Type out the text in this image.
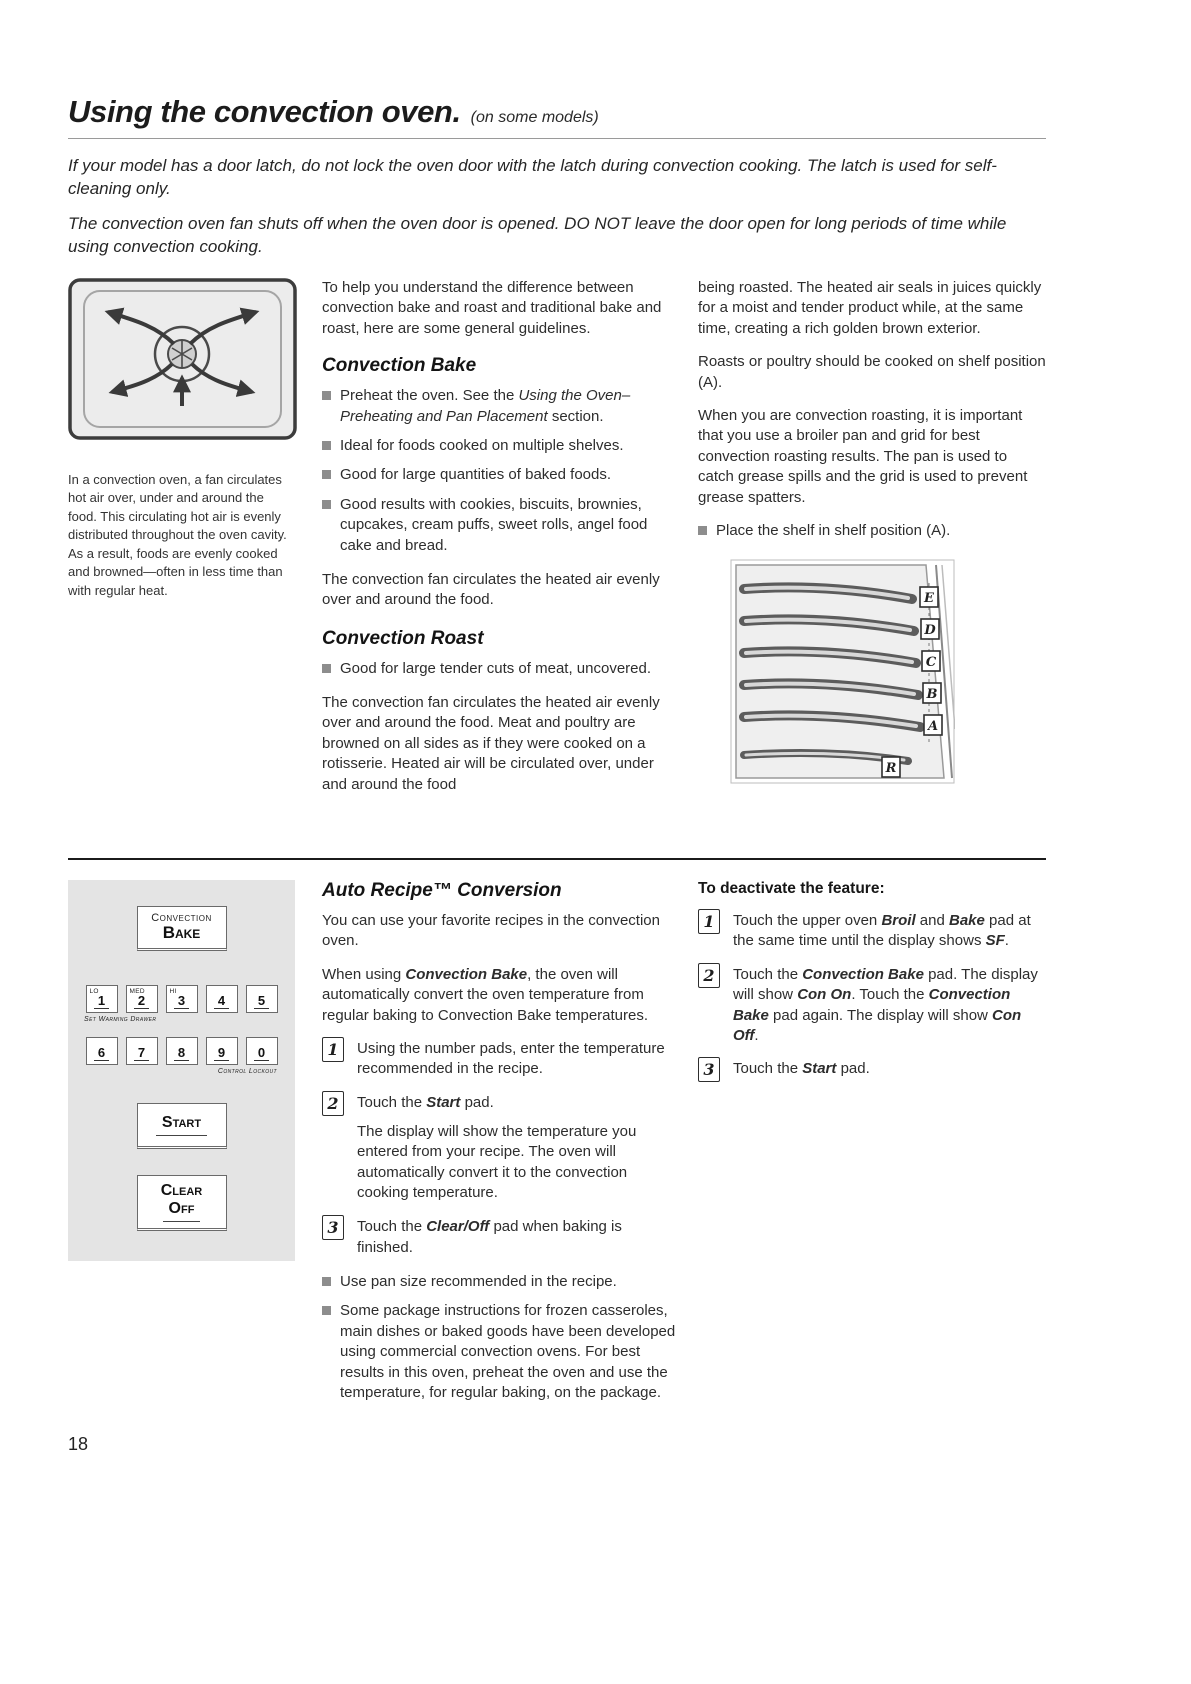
Using the convection oven. (on some models)

If your model has a door latch, do not lock the oven door with the latch during convection cooking. The latch is used for self-cleaning only.

The convection oven fan shuts off when the oven door is opened. DO NOT leave the door open for long periods of time while using convection cooking.

In a convection oven, a fan circulates hot air over, under and around the food. This circulating hot air is evenly distributed throughout the oven cavity. As a result, foods are evenly cooked and browned—often in less time than with regular heat.

To help you understand the difference between convection bake and roast and traditional bake and roast, here are some general guidelines.

Convection Bake

Preheat the oven. See the Using the Oven–Preheating and Pan Placement section.

Ideal for foods cooked on multiple shelves.

Good for large quantities of baked foods.

Good results with cookies, biscuits, brownies, cupcakes, cream puffs, sweet rolls, angel food cake and bread.

The convection fan circulates the heated air evenly over and around the food.

Convection Roast

Good for large tender cuts of meat, uncovered.

The convection fan circulates the heated air evenly over and around the food. Meat and poultry are browned on all sides as if they were cooked on a rotisserie. Heated air will be circulated over, under and around the food

being roasted. The heated air seals in juices quickly for a moist and tender product while, at the same time, creating a rich golden brown exterior.

Roasts or poultry should be cooked on shelf position (A).

When you are convection roasting, it is important that you use a broiler pan and grid for best convection roasting results. The pan is used to catch grease spills and the grid is used to prevent grease spatters.

Place the shelf in shelf position (A).

E
D
C
B
A
R
Convection
Bake
LO
1
MED
2
HI
3	4	5
Set Warming Drawer
6	7	8	9	0
Control Lockout
Start
Clear
Off
Auto Recipe™ Conversion

You can use your favorite recipes in the convection oven.

When using Convection Bake, the oven will automatically convert the oven temperature from regular baking to Convection Bake temperatures.

1	Using the number pads, enter the temperature recommended in the recipe.

2	Touch the Start pad.

The display will show the temperature you entered from your recipe. The oven will automatically convert it to the convection cooking temperature.

3	Touch the Clear/Off pad when baking is finished.

Use pan size recommended in the recipe.

Some package instructions for frozen casseroles, main dishes or baked goods have been developed using commercial convection ovens. For best results in this oven, preheat the oven and use the temperature, for regular baking, on the package.

To deactivate the feature:

1	Touch the upper oven Broil and Bake pad at the same time until the display shows SF.

2	Touch the Convection Bake pad. The display will show Con On. Touch the Convection Bake pad again. The display will show Con Off.

3	Touch the Start pad.

18
